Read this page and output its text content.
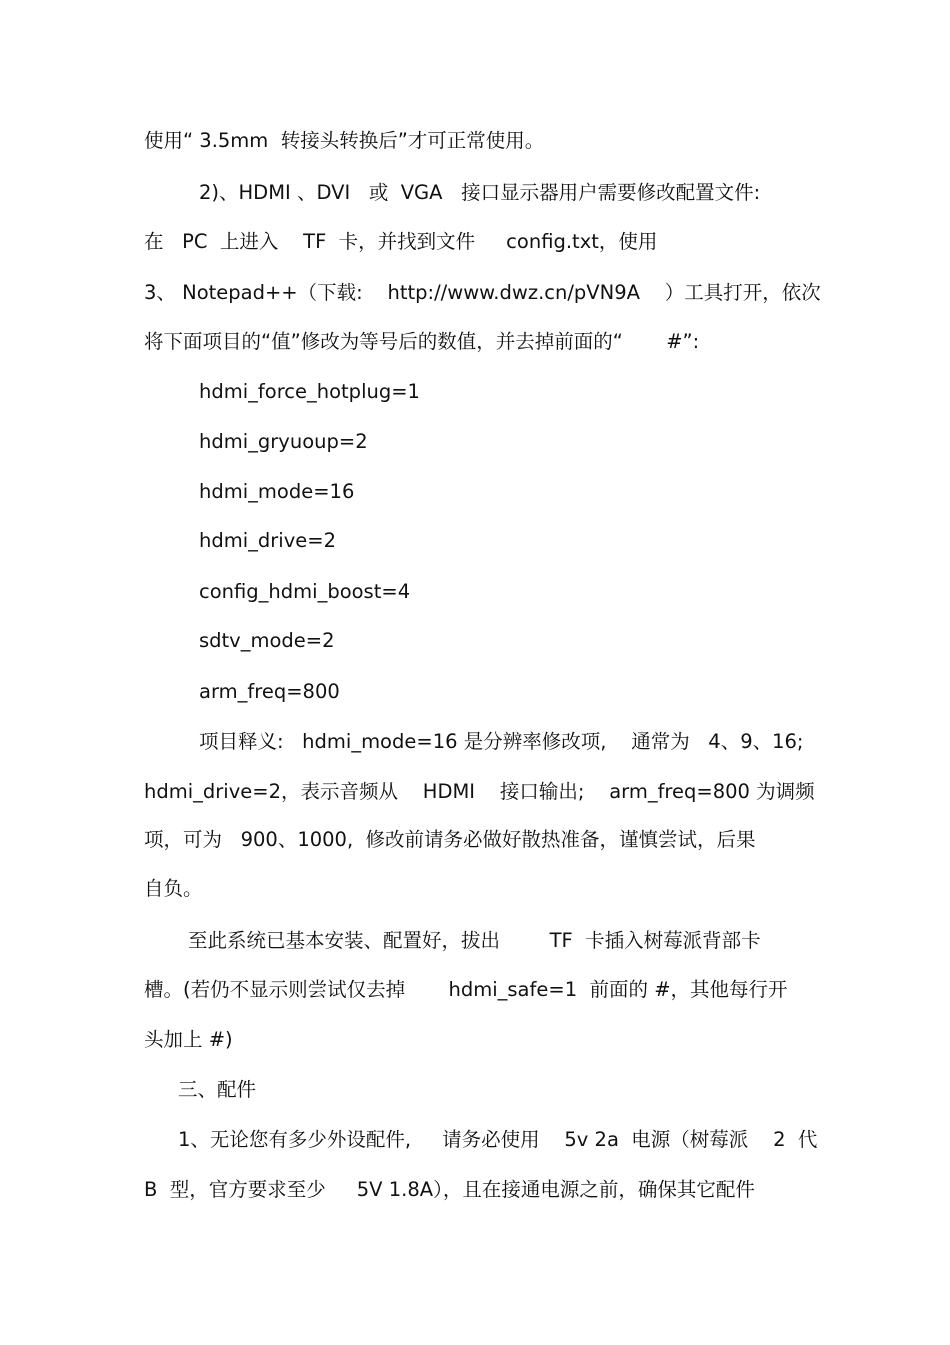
使用“ 3.5mm  转接头转换后”才可正常使用。
2)、HDMI 、DVI   或  VGA   接口显示器用户需要修改配置文件:
在   PC  上进入    TF  卡，并找到文件     config.txt，使用
3、 Notepad++（下载:    http://www.dwz.cn/pVN9A    ）工具打开，依次
将下面项目的“值”修改为等号后的数值，并去掉前面的“       #”:
hdmi_force_hotplug=1
hdmi_gryuoup=2
hdmi_mode=16
hdmi_drive=2
config_hdmi_boost=4
sdtv_mode=2
arm_freq=800
项目释义:   hdmi_mode=16 是分辨率修改项,    通常为   4、9、16;
hdmi_drive=2，表示音频从    HDMI    接口输出;    arm_freq=800 为调频
项，可为   900、1000,  修改前请务必做好散热准备，谨慎尝试，后果
自负。
至此系统已基本安装、配置好，拔出        TF  卡插入树莓派背部卡
槽。(若仍不显示则尝试仅去掉       hdmi_safe=1  前面的 #，其他每行开
头加上 #)
三、配件
1、无论您有多少外设配件,     请务必使用    5v 2a  电源（树莓派    2  代
B  型，官方要求至少     5V 1.8A），且在接通电源之前，确保其它配件
